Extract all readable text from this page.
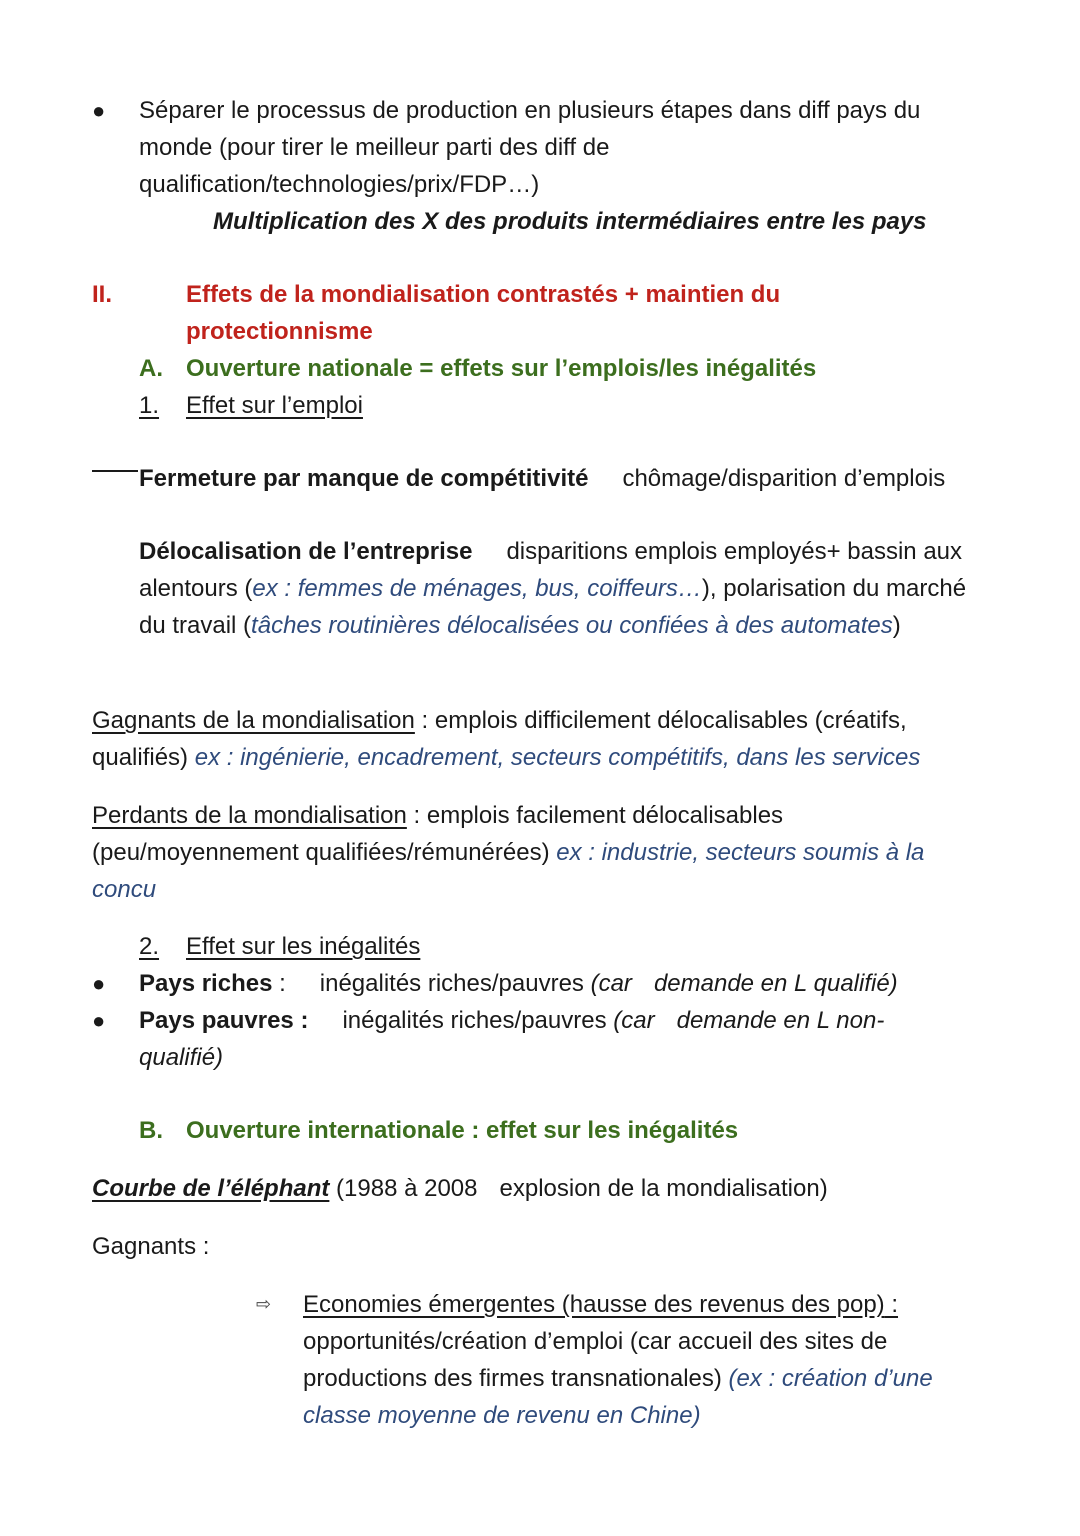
● Séparer le processus de production en plusieurs étapes dans diff pays du monde (pour tirer le meilleur parti des diff de qualification/technologies/prix/FDP…)
Multiplication des X des produits intermédiaires entre les pays
II.	Effets de la mondialisation contrastés + maintien du protectionnisme
A. Ouverture nationale = effets sur l’emplois/les inégalités
1. Effet sur l’emploi
Fermeture par manque de compétitivité chômage/disparition d’emplois
Délocalisation de l’entreprise disparitions emplois employés+ bassin aux alentours (ex : femmes de ménages, bus, coiffeurs…), polarisation du marché du travail (tâches routinières délocalisées ou confiées à des automates)
Gagnants de la mondialisation : emplois difficilement délocalisables (créatifs, qualifiés) ex : ingénierie, encadrement, secteurs compétitifs, dans les services
Perdants de la mondialisation : emplois facilement délocalisables (peu/moyennement qualifiées/rémunérées) ex : industrie, secteurs soumis à la concu
2. Effet sur les inégalités
● Pays riches : inégalités riches/pauvres (car demande en L qualifié)
● Pays pauvres : inégalités riches/pauvres (car demande en L non-qualifié)
B. Ouverture internationale : effet sur les inégalités
Courbe de l’éléphant (1988 à 2008 explosion de la mondialisation)
Gagnants :
⇨ Economies émergentes (hausse des revenus des pop) : opportunités/création d’emploi (car accueil des sites de productions des firmes transnationales) (ex : création d’une classe moyenne de revenu en Chine)
